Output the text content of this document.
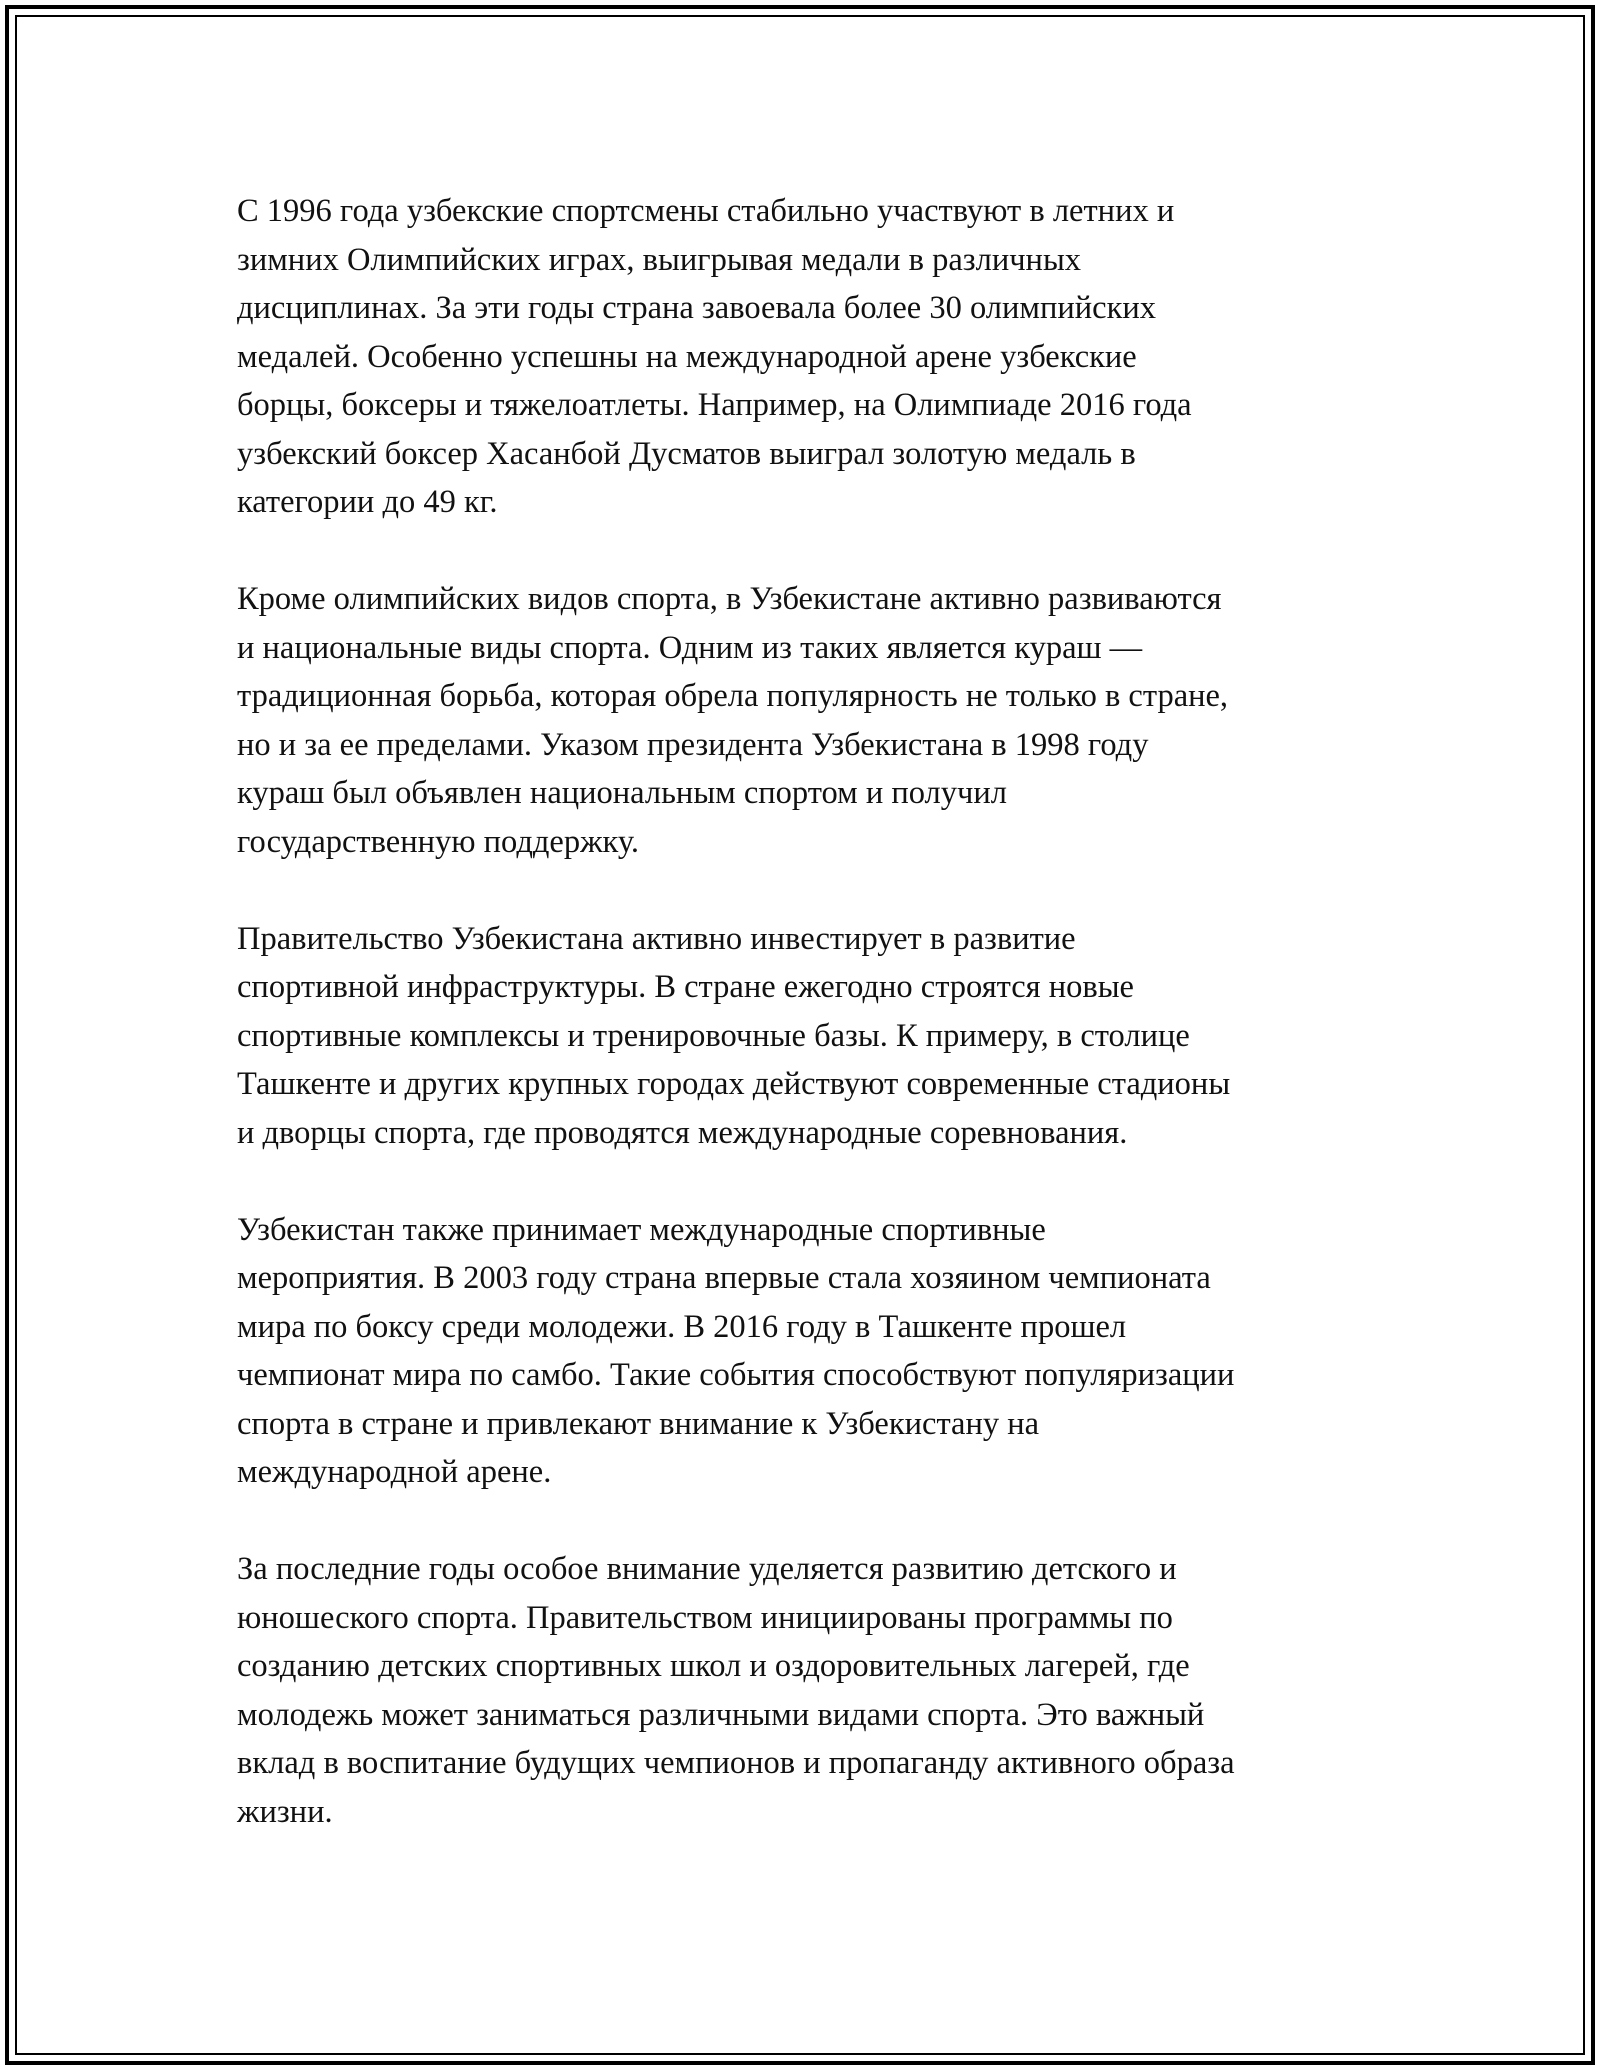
С 1996 года узбекские спортсмены стабильно участвуют в летних и
зимних Олимпийских играх, выигрывая медали в различных
дисциплинах. За эти годы страна завоевала более 30 олимпийских
медалей. Особенно успешны на международной арене узбекские
борцы, боксеры и тяжелоатлеты. Например, на Олимпиаде 2016 года
узбекский боксер Хасанбой Дусматов выиграл золотую медаль в
категории до 49 кг.

Кроме олимпийских видов спорта, в Узбекистане активно развиваются
и национальные виды спорта. Одним из таких является кураш —
традиционная борьба, которая обрела популярность не только в стране,
но и за ее пределами. Указом президента Узбекистана в 1998 году
кураш был объявлен национальным спортом и получил
государственную поддержку.

Правительство Узбекистана активно инвестирует в развитие
спортивной инфраструктуры. В стране ежегодно строятся новые
спортивные комплексы и тренировочные базы. К примеру, в столице
Ташкенте и других крупных городах действуют современные стадионы
и дворцы спорта, где проводятся международные соревнования.

Узбекистан также принимает международные спортивные
мероприятия. В 2003 году страна впервые стала хозяином чемпионата
мира по боксу среди молодежи. В 2016 году в Ташкенте прошел
чемпионат мира по самбо. Такие события способствуют популяризации
спорта в стране и привлекают внимание к Узбекистану на
международной арене.

За последние годы особое внимание уделяется развитию детского и
юношеского спорта. Правительством инициированы программы по
созданию детских спортивных школ и оздоровительных лагерей, где
молодежь может заниматься различными видами спорта. Это важный
вклад в воспитание будущих чемпионов и пропаганду активного образа
жизни.
